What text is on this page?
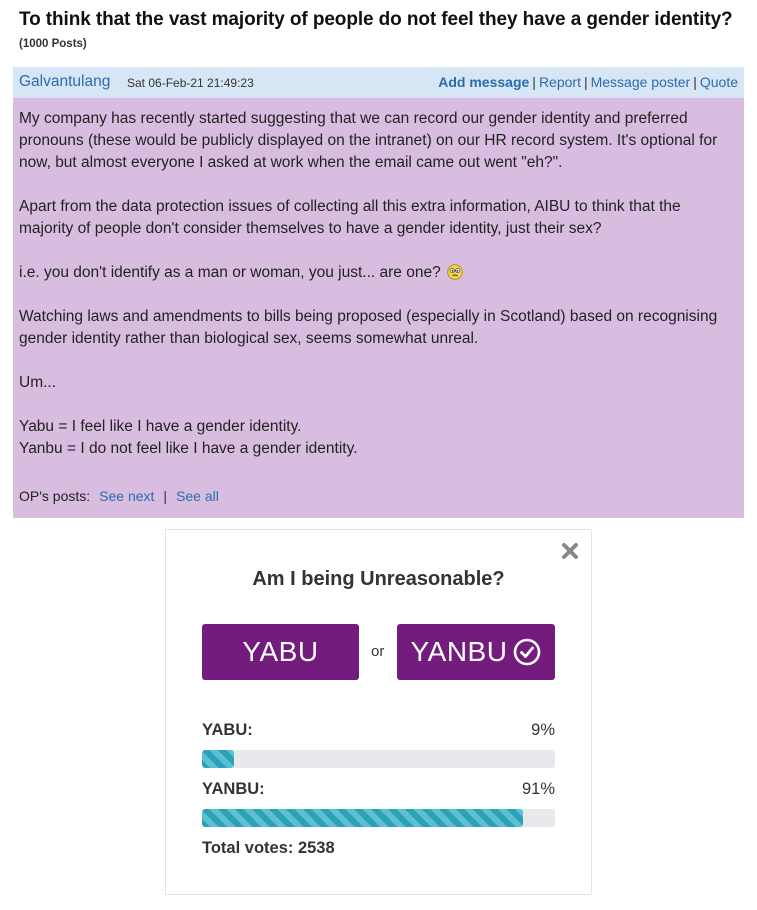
To think that the vast majority of people do not feel they have a gender identity?
(1000 Posts)
Galvantulang Sat 06-Feb-21 21:49:23	Add message | Report | Message poster | Quote

My company has recently started suggesting that we can record our gender identity and preferred pronouns (these would be publicly displayed on the intranet) on our HR record system. It's optional for now, but almost everyone I asked at work when the email came out went "eh?".

Apart from the data protection issues of collecting all this extra information, AIBU to think that the majority of people don't consider themselves to have a gender identity, just their sex?

i.e. you don't identify as a man or woman, you just... are one?

Watching laws and amendments to bills being proposed (especially in Scotland) based on recognising gender identity rather than biological sex, seems somewhat unreal.

Um...

Yabu = I feel like I have a gender identity.

Yanbu = I do not feel like I have a gender identity.

OP's posts: See next | See all
Am I being Unreasonable?
YABU	or YANBU
YABU:	9%
YANBU:	91%
Total votes: 2538
